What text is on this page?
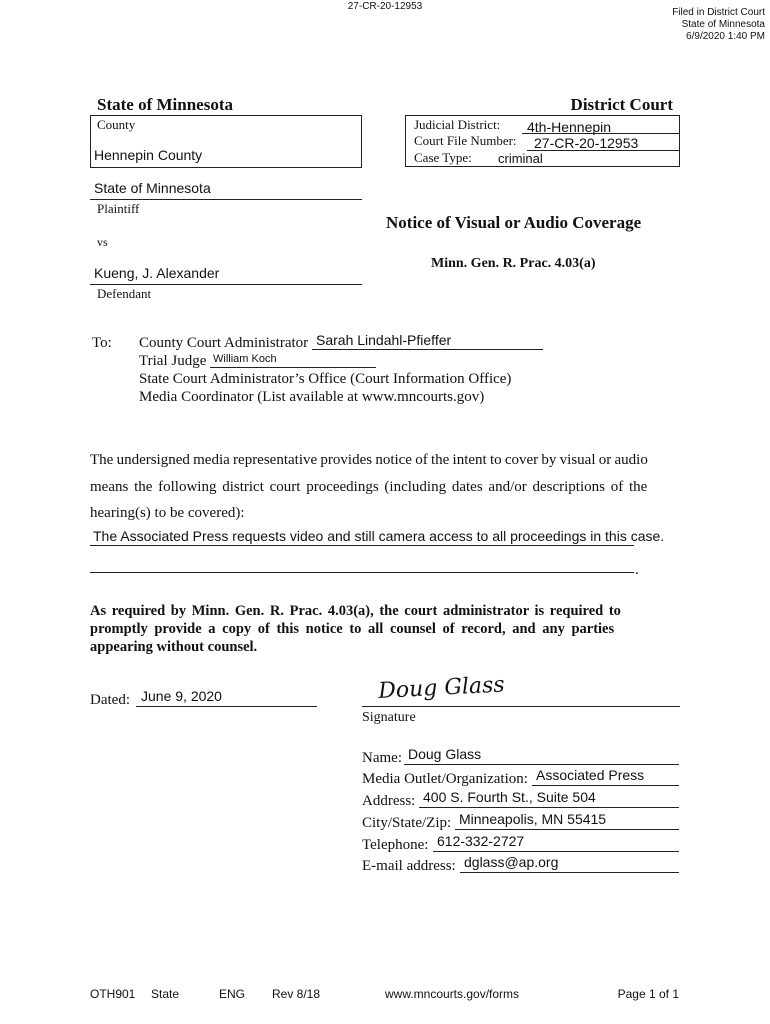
27-CR-20-12953
Filed in District Court
State of Minnesota
6/9/2020 1:40 PM
State of Minnesota	District Court
County
Hennepin County
Judicial District: 4th-Hennepin
Court File Number: 27-CR-20-12953
Case Type: criminal
State of Minnesota
Plaintiff
vs
Kueng, J. Alexander
Defendant
Notice of Visual or Audio Coverage
Minn. Gen. R. Prac. 4.03(a)
To: County Court Administrator Sarah Lindahl-Pfieffer
Trial Judge William Koch
State Court Administrator’s Office (Court Information Office)
Media Coordinator (List available at www.mncourts.gov)
The undersigned media representative provides notice of the intent to cover by visual or audio
means the following district court proceedings (including dates and/or descriptions of the
hearing(s) to be covered):
The Associated Press requests video and still camera access to all proceedings in this case.
.
As required by Minn. Gen. R. Prac. 4.03(a), the court administrator is required to
promptly provide a copy of this notice to all counsel of record, and any parties
appearing without counsel.
Dated: June 9, 2020	Doug Glass
Signature
Name: Doug Glass
Media Outlet/Organization: Associated Press
Address: 400 S. Fourth St., Suite 504
City/State/Zip: Minneapolis, MN 55415
Telephone: 612-332-2727
E-mail address: dglass@ap.org
OTH901 State	ENG Rev 8/18	www.mncourts.gov/forms	Page 1 of 1
